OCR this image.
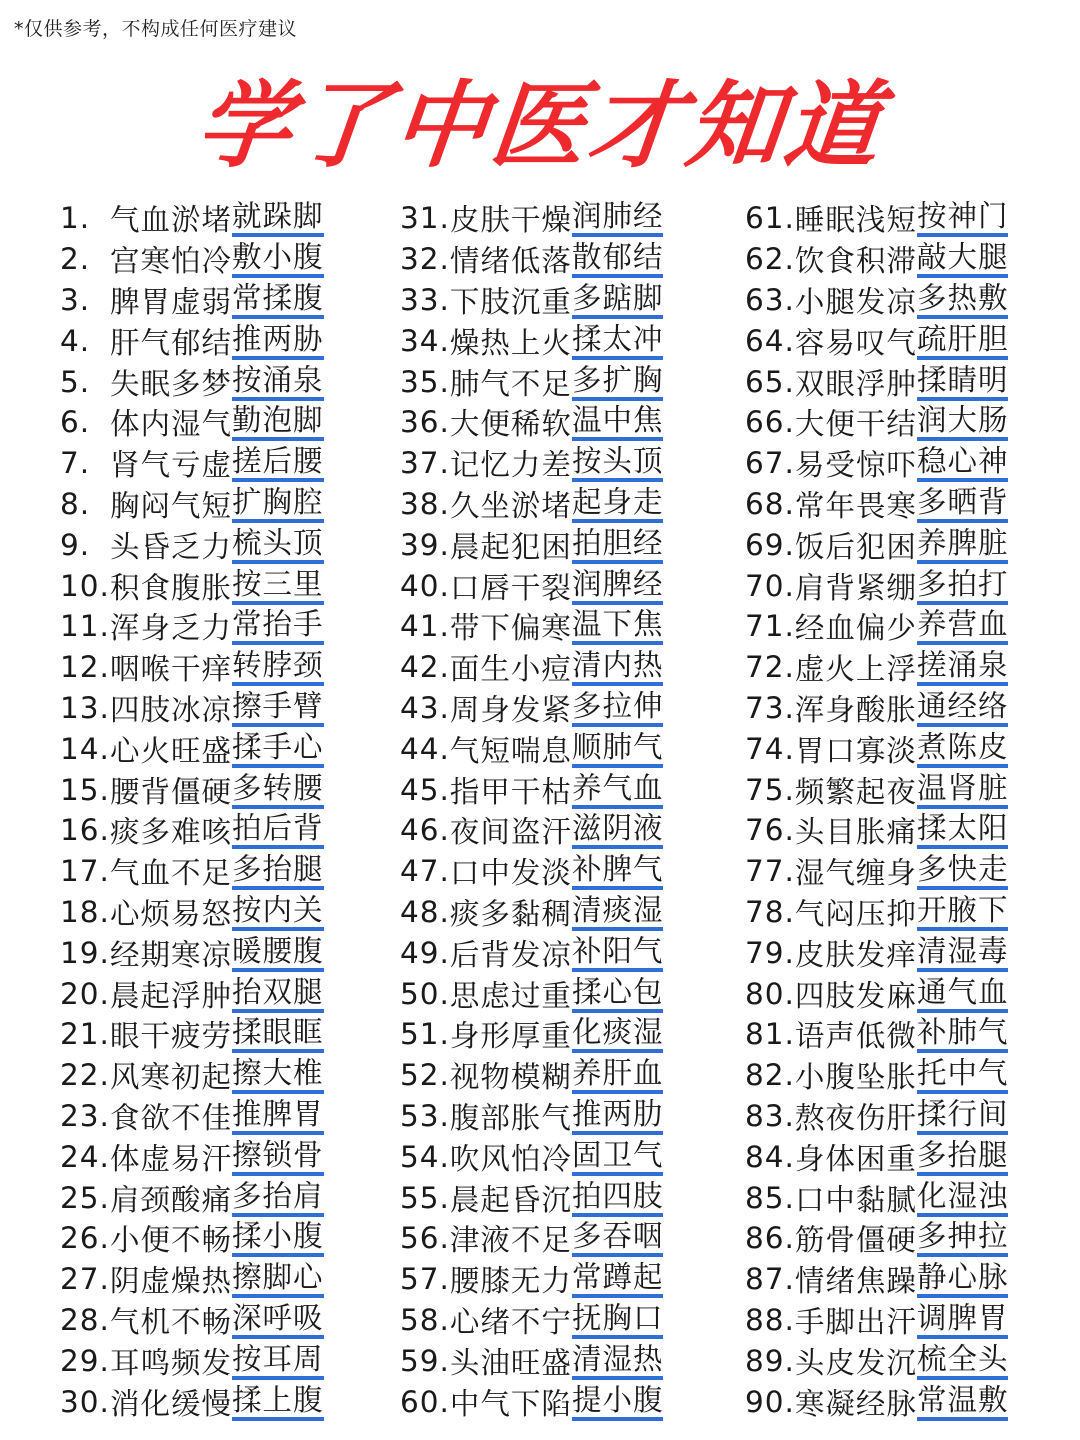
*仅供参考，不构成任何医疗建议
学了中医才知道
1. 气血淤堵 就跺脚
2. 宫寒怕冷 敷小腹
3. 脾胃虚弱 常揉腹
4. 肝气郁结 推两胁
5. 失眠多梦 按涌泉
6. 体内湿气 勤泡脚
7. 肾气亏虚 搓后腰
8. 胸闷气短 扩胸腔
9. 头昏乏力 梳头顶
10. 积食腹胀 按三里
11. 浑身乏力 常抬手
12. 咽喉干痒 转脖颈
13. 四肢冰凉 擦手臂
14. 心火旺盛 揉手心
15. 腰背僵硬 多转腰
16. 痰多难咳 拍后背
17. 气血不足 多抬腿
18. 心烦易怒 按内关
19. 经期寒凉 暖腰腹
20. 晨起浮肿 抬双腿
21. 眼干疲劳 揉眼眶
22. 风寒初起 擦大椎
23. 食欲不佳 推脾胃
24. 体虚易汗 擦锁骨
25. 肩颈酸痛 多抬肩
26. 小便不畅 揉小腹
27. 阴虚燥热 擦脚心
28. 气机不畅 深呼吸
29. 耳鸣频发 按耳周
30. 消化缓慢 揉上腹
31. 皮肤干燥 润肺经
32. 情绪低落 散郁结
33. 下肢沉重 多踮脚
34. 燥热上火 揉太冲
35. 肺气不足 多扩胸
36. 大便稀软 温中焦
37. 记忆力差 按头顶
38. 久坐淤堵 起身走
39. 晨起犯困 拍胆经
40. 口唇干裂 润脾经
41. 带下偏寒 温下焦
42. 面生小痘 清内热
43. 周身发紧 多拉伸
44. 气短喘息 顺肺气
45. 指甲干枯 养气血
46. 夜间盗汗 滋阴液
47. 口中发淡 补脾气
48. 痰多黏稠 清痰湿
49. 后背发凉 补阳气
50. 思虑过重 揉心包
51. 身形厚重 化痰湿
52. 视物模糊 养肝血
53. 腹部胀气 推两肋
54. 吹风怕冷 固卫气
55. 晨起昏沉 拍四肢
56. 津液不足 多吞咽
57. 腰膝无力 常蹲起
58. 心绪不宁 抚胸口
59. 头油旺盛 清湿热
60. 中气下陷 提小腹
61. 睡眠浅短 按神门
62. 饮食积滞 敲大腿
63. 小腿发凉 多热敷
64. 容易叹气 疏肝胆
65. 双眼浮肿 揉睛明
66. 大便干结 润大肠
67. 易受惊吓 稳心神
68. 常年畏寒 多晒背
69. 饭后犯困 养脾脏
70. 肩背紧绷 多拍打
71. 经血偏少 养营血
72. 虚火上浮 搓涌泉
73. 浑身酸胀 通经络
74. 胃口寡淡 煮陈皮
75. 频繁起夜 温肾脏
76. 头目胀痛 揉太阳
77. 湿气缠身 多快走
78. 气闷压抑 开腋下
79. 皮肤发痒 清湿毒
80. 四肢发麻 通气血
81. 语声低微 补肺气
82. 小腹坠胀 托中气
83. 熬夜伤肝 揉行间
84. 身体困重 多抬腿
85. 口中黏腻 化湿浊
86. 筋骨僵硬 多抻拉
87. 情绪焦躁 静心脉
88. 手脚出汗 调脾胃
89. 头皮发沉 梳全头
90. 寒凝经脉 常温敷
